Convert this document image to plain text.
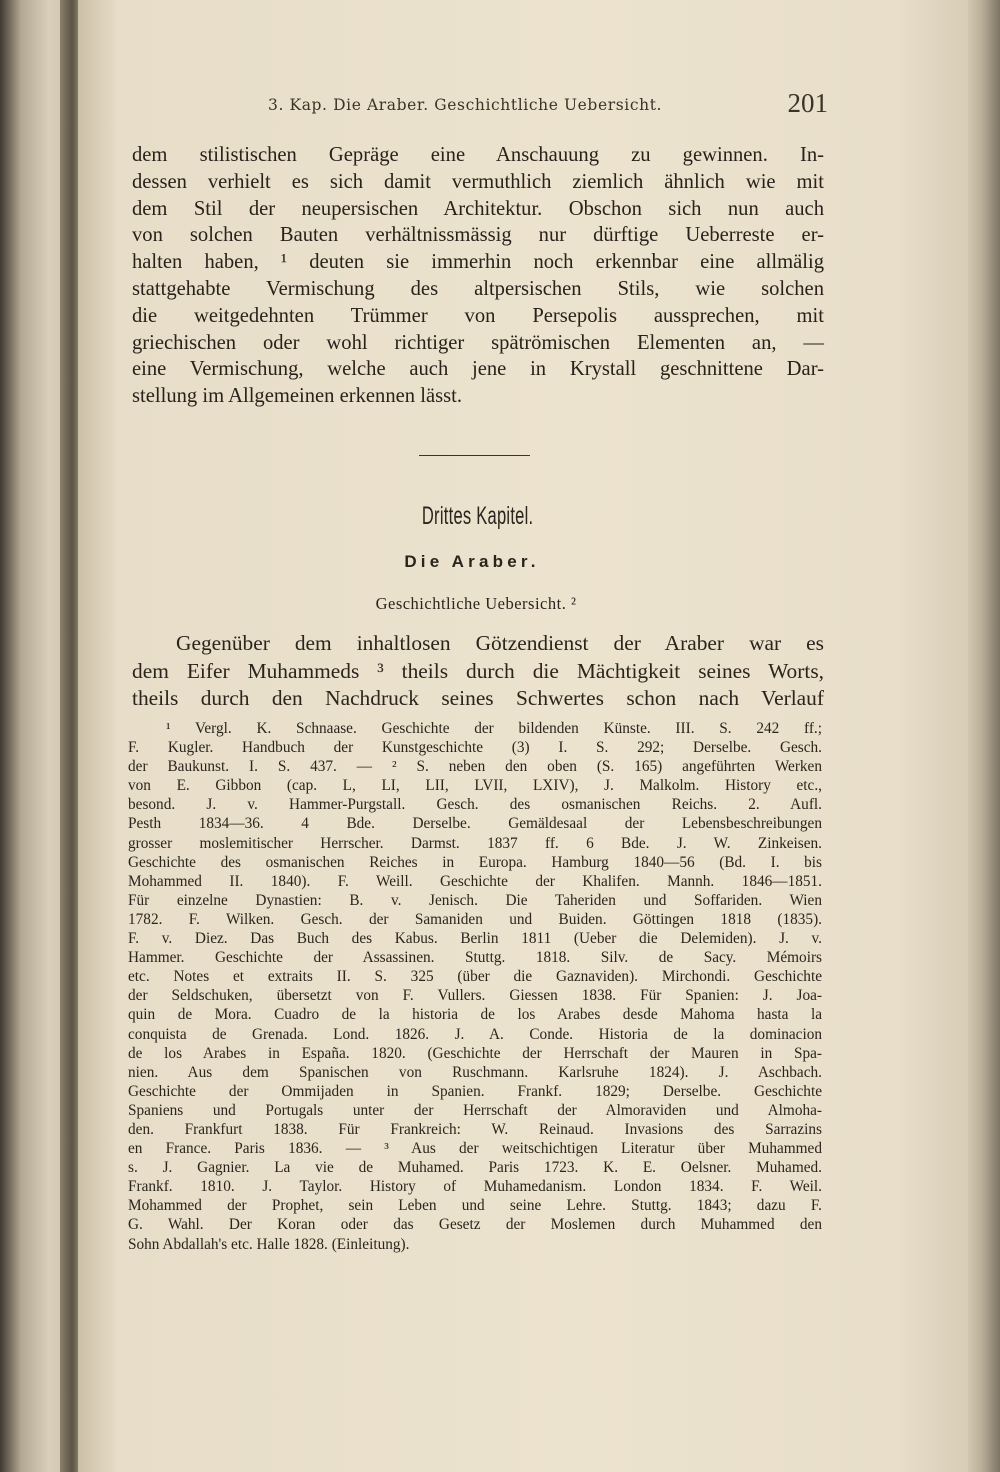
3. Kap. Die Araber. Geschichtliche Uebersicht.	201
dem stilistischen Gepräge eine Anschauung zu gewinnen. In-
dessen verhielt es sich damit vermuthlich ziemlich ähnlich wie mit
dem Stil der neupersischen Architektur. Obschon sich nun auch
von solchen Bauten verhältnissmässig nur dürftige Ueberreste er-
halten haben, ¹ deuten sie immerhin noch erkennbar eine allmälig
stattgehabte Vermischung des altpersischen Stils, wie solchen
die weitgedehnten Trümmer von Persepolis aussprechen, mit
griechischen oder wohl richtiger spätrömischen Elementen an, —
eine Vermischung, welche auch jene in Krystall geschnittene Dar-
stellung im Allgemeinen erkennen lässt.
Drittes Kapitel.
Die Araber.
Geschichtliche Uebersicht. ²
Gegenüber dem inhaltlosen Götzendienst der Araber war es
dem Eifer Muhammeds ³ theils durch die Mächtigkeit seines Worts,
theils durch den Nachdruck seines Schwertes schon nach Verlauf
¹ Vergl. K. Schnaase. Geschichte der bildenden Künste. III. S. 242 ff.;
F. Kugler. Handbuch der Kunstgeschichte (3) I. S. 292; Derselbe. Gesch.
der Baukunst. I. S. 437. — ² S. neben den oben (S. 165) angeführten Werken
von E. Gibbon (cap. L, LI, LII, LVII, LXIV), J. Malkolm. History etc.,
besond. J. v. Hammer-Purgstall. Gesch. des osmanischen Reichs. 2. Aufl.
Pesth 1834—36. 4 Bde. Derselbe. Gemäldesaal der Lebensbeschreibungen
grosser moslemitischer Herrscher. Darmst. 1837 ff. 6 Bde. J. W. Zinkeisen.
Geschichte des osmanischen Reiches in Europa. Hamburg 1840—56 (Bd. I. bis
Mohammed II. 1840). F. Weill. Geschichte der Khalifen. Mannh. 1846—1851.
Für einzelne Dynastien: B. v. Jenisch. Die Taheriden und Soffariden. Wien
1782. F. Wilken. Gesch. der Samaniden und Buiden. Göttingen 1818 (1835).
F. v. Diez. Das Buch des Kabus. Berlin 1811 (Ueber die Delemiden). J. v.
Hammer. Geschichte der Assassinen. Stuttg. 1818. Silv. de Sacy. Mémoirs
etc. Notes et extraits II. S. 325 (über die Gaznaviden). Mirchondi. Geschichte
der Seldschuken, übersetzt von F. Vullers. Giessen 1838. Für Spanien: J. Joa-
quin de Mora. Cuadro de la historia de los Arabes desde Mahoma hasta la
conquista de Grenada. Lond. 1826. J. A. Conde. Historia de la dominacion
de los Arabes in España. 1820. (Geschichte der Herrschaft der Mauren in Spa-
nien. Aus dem Spanischen von Ruschmann. Karlsruhe 1824). J. Aschbach.
Geschichte der Ommijaden in Spanien. Frankf. 1829; Derselbe. Geschichte
Spaniens und Portugals unter der Herrschaft der Almoraviden und Almoha-
den. Frankfurt 1838. Für Frankreich: W. Reinaud. Invasions des Sarrazins
en France. Paris 1836. — ³ Aus der weitschichtigen Literatur über Muhammed
s. J. Gagnier. La vie de Muhamed. Paris 1723. K. E. Oelsner. Muhamed.
Frankf. 1810. J. Taylor. History of Muhamedanism. London 1834. F. Weil.
Mohammed der Prophet, sein Leben und seine Lehre. Stuttg. 1843; dazu F.
G. Wahl. Der Koran oder das Gesetz der Moslemen durch Muhammed den
Sohn Abdallah's etc. Halle 1828. (Einleitung).
